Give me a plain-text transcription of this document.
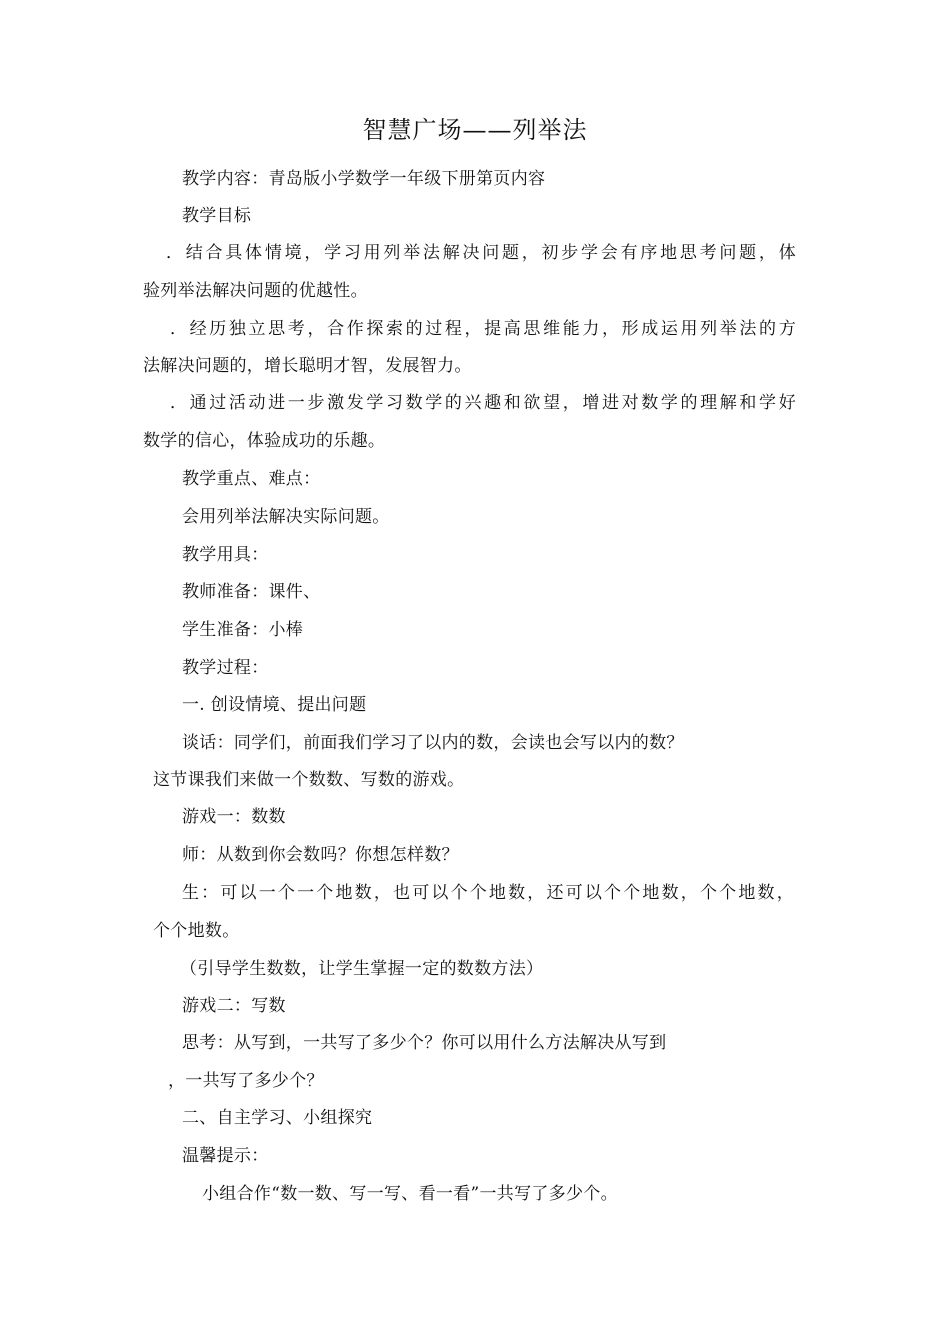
智慧广场——列举法
教学内容：青岛版小学数学一年级下册第页内容
教学目标
．结合具体情境，学习用列举法解决问题，初步学会有序地思考问题，体
验列举法解决问题的优越性。
．经历独立思考，合作探索的过程，提高思维能力，形成运用列举法的方
法解决问题的，增长聪明才智，发展智力。
．通过活动进一步激发学习数学的兴趣和欲望，增进对数学的理解和学好
数学的信心，体验成功的乐趣。
教学重点、难点：
会用列举法解决实际问题。
教学用具：
教师准备：课件、
学生准备：小棒
教学过程：
一. 创设情境、提出问题
谈话：同学们，前面我们学习了以内的数，会读也会写以内的数？
这节课我们来做一个数数、写数的游戏。
游戏一：数数
师：从数到你会数吗？你想怎样数？
生：可以一个一个地数，也可以个个地数，还可以个个地数，个个地数，
个个地数。
（引导学生数数，让学生掌握一定的数数方法）
游戏二：写数
思考：从写到，一共写了多少个？你可以用什么方法解决从写到
，一共写了多少个？
二、自主学习、小组探究
温馨提示：
小组合作“数一数、写一写、看一看”一共写了多少个。
